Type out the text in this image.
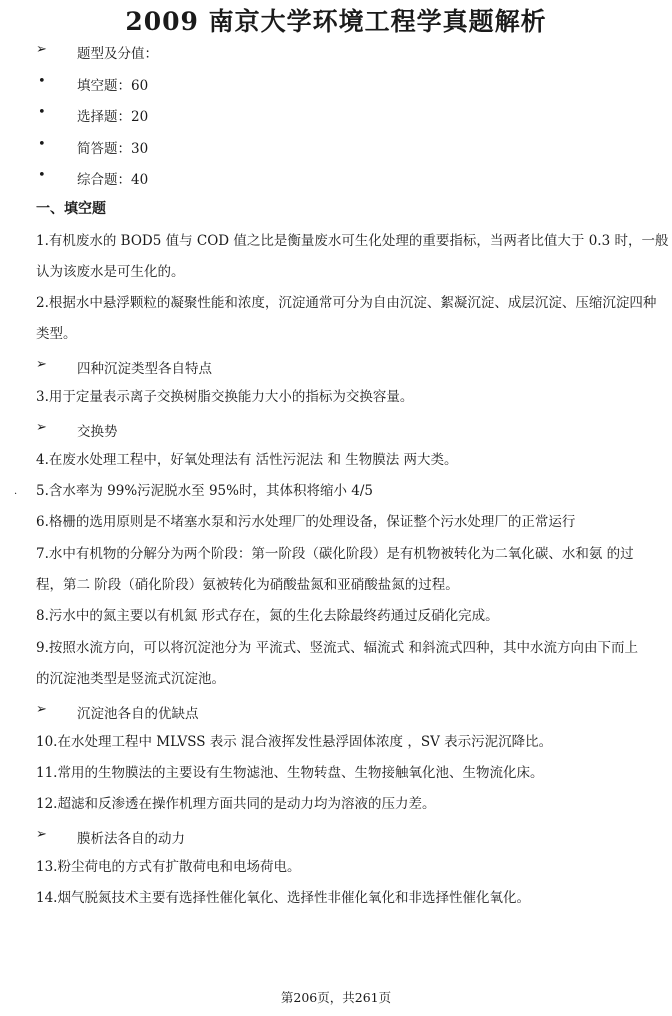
2009 南京大学环境工程学真题解析
➢ 题型及分值：
• 填空题：60
• 选择题：20
• 简答题：30
• 综合题：40
一、填空题
1.有机废水的 BOD5 值与 COD 值之比是衡量废水可生化处理的重要指标，当两者比值大于 0.3 时，一般
认为该废水是可生化的。
2.根据水中悬浮颗粒的凝聚性能和浓度，沉淀通常可分为自由沉淀、絮凝沉淀、成层沉淀、压缩沉淀四种
类型。
➢ 四种沉淀类型各自特点
3.用于定量表示离子交换树脂交换能力大小的指标为交换容量。
➢ 交换势
4.在废水处理工程中，好氧处理法有 活性污泥法 和 生物膜法 两大类。
. 5.含水率为 99%污泥脱水至 95%时，其体积将缩小 4/5
6.格栅的选用原则是不堵塞水泵和污水处理厂的处理设备，保证整个污水处理厂的正常运行
7.水中有机物的分解分为两个阶段：第一阶段（碳化阶段）是有机物被转化为二氧化碳、水和氨 的过
程，第二 阶段（硝化阶段）氨被转化为硝酸盐氮和亚硝酸盐氮的过程。
8.污水中的氮主要以有机氮 形式存在，氮的生化去除最终药通过反硝化完成。
9.按照水流方向，可以将沉淀池分为 平流式、竖流式、辐流式 和斜流式四种，其中水流方向由下而上
的沉淀池类型是竖流式沉淀池。
➢ 沉淀池各自的优缺点
10.在水处理工程中 MLVSS 表示 混合液挥发性悬浮固体浓度 ，SV 表示污泥沉降比。
11.常用的生物膜法的主要设有生物滤池、生物转盘、生物接触氧化池、生物流化床。
12.超滤和反渗透在操作机理方面共同的是动力均为溶液的压力差。
➢ 膜析法各自的动力
13.粉尘荷电的方式有扩散荷电和电场荷电。
14.烟气脱氮技术主要有选择性催化氧化、选择性非催化氧化和非选择性催化氧化。
第206页，共261页
